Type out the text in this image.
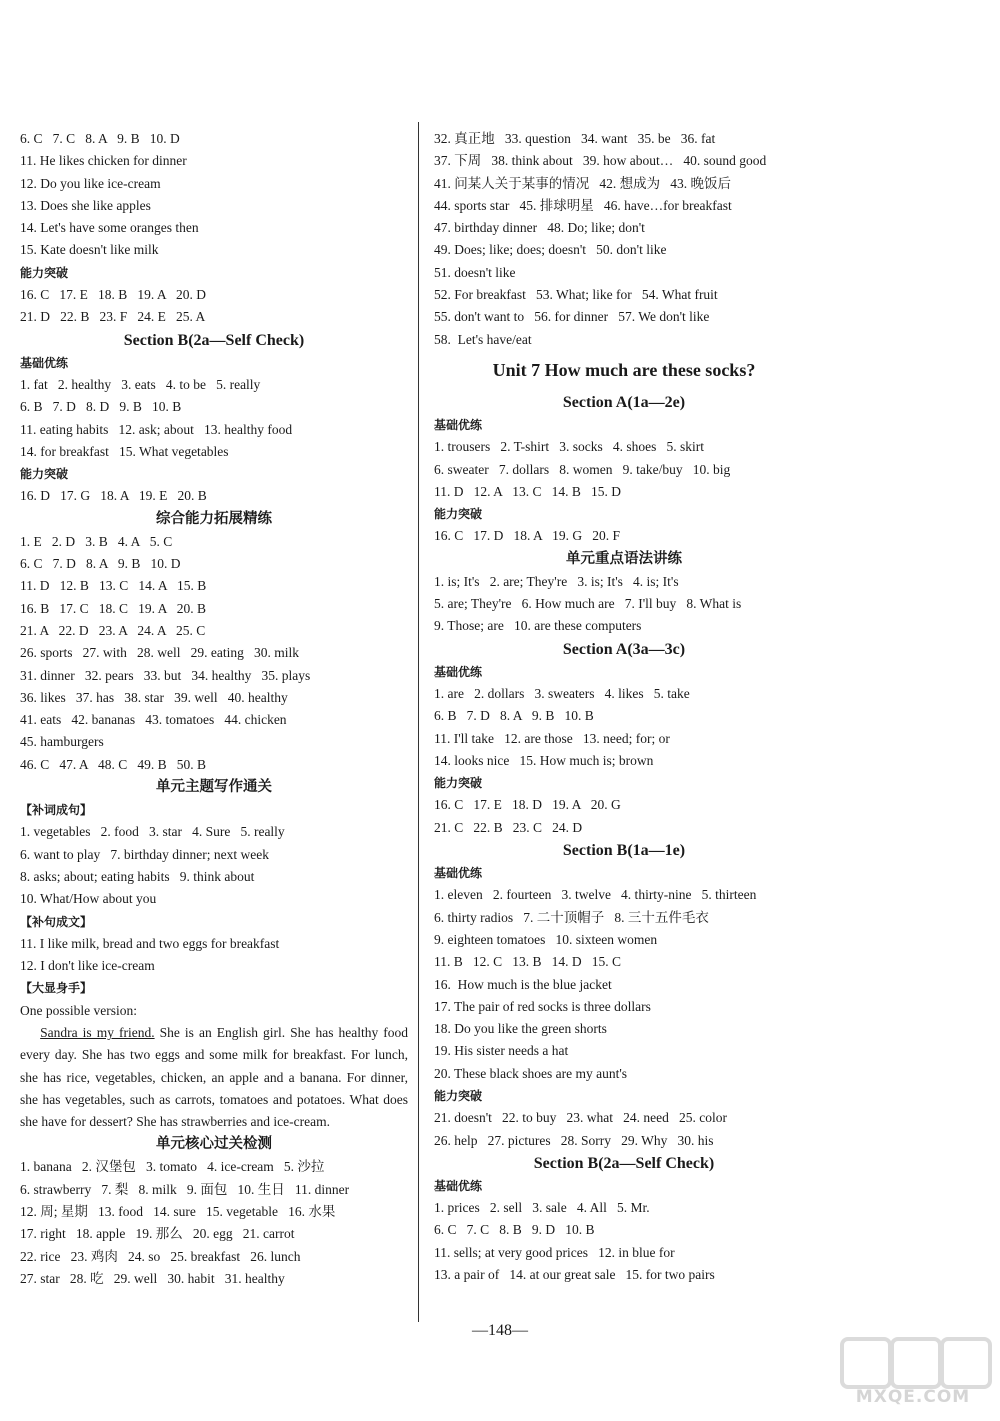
6. C   7. C   8. A   9. B   10. D
11. He likes chicken for dinner
12. Do you like ice-cream
13. Does she like apples
14. Let's have some oranges then
15. Kate doesn't like milk
能力突破
16. C   17. E   18. B   19. A   20. D
21. D   22. B   23. F   24. E   25. A
Section B(2a—Self Check)
基础优练
1. fat   2. healthy   3. eats   4. to be   5. really
6. B   7. D   8. D   9. B   10. B
11. eating habits   12. ask; about   13. healthy food
14. for breakfast   15. What vegetables
能力突破
16. D   17. G   18. A   19. E   20. B
综合能力拓展精练
1. E   2. D   3. B   4. A   5. C
6. C   7. D   8. A   9. B   10. D
11. D   12. B   13. C   14. A   15. B
16. B   17. C   18. C   19. A   20. B
21. A   22. D   23. A   24. A   25. C
26. sports   27. with   28. well   29. eating   30. milk
31. dinner   32. pears   33. but   34. healthy   35. plays
36. likes   37. has   38. star   39. well   40. healthy
41. eats   42. bananas   43. tomatoes   44. chicken
45. hamburgers
46. C   47. A   48. C   49. B   50. B
单元主题写作通关
【补词成句】
1. vegetables   2. food   3. star   4. Sure   5. really
6. want to play   7. birthday dinner; next week
8. asks; about; eating habits   9. think about
10. What/How about you
【补句成文】
11. I like milk, bread and two eggs for breakfast
12. I don't like ice-cream
【大显身手】
One possible version:
Sandra is my friend. She is an English girl. She has healthy food every day. She has two eggs and some milk for breakfast. For lunch, she has rice, vegetables, chicken, an apple and a banana. For dinner, she has vegetables, such as carrots, tomatoes and potatoes. What does she have for dessert? She has strawberries and ice-cream.
单元核心过关检测
1. banana   2. 汉堡包   3. tomato   4. ice-cream   5. 沙拉
6. strawberry   7. 梨   8. milk   9. 面包   10. 生日   11. dinner
12. 周; 星期   13. food   14. sure   15. vegetable   16. 水果
17. right   18. apple   19. 那么   20. egg   21. carrot
22. rice   23. 鸡肉   24. so   25. breakfast   26. lunch
27. star   28. 吃   29. well   30. habit   31. healthy
32. 真正地   33. question   34. want   35. be   36. fat
37. 下周   38. think about   39. how about…   40. sound good
41. 问某人关于某事的情况   42. 想成为   43. 晚饭后
44. sports star   45. 排球明星   46. have…for breakfast
47. birthday dinner   48. Do; like; don't
49. Does; like; does; doesn't   50. don't like
51. doesn't like
52. For breakfast   53. What; like for   54. What fruit
55. don't want to   56. for dinner   57. We don't like
58.  Let's have/eat
Unit 7 How much are these socks?
Section A(1a—2e)
基础优练
1. trousers   2. T-shirt   3. socks   4. shoes   5. skirt
6. sweater   7. dollars   8. women   9. take/buy   10. big
11. D   12. A   13. C   14. B   15. D
能力突破
16. C   17. D   18. A   19. G   20. F
单元重点语法讲练
1. is; It's   2. are; They're   3. is; It's   4. is; It's
5. are; They're   6. How much are   7. I'll buy   8. What is
9. Those; are   10. are these computers
Section A(3a—3c)
基础优练
1. are   2. dollars   3. sweaters   4. likes   5. take
6. B   7. D   8. A   9. B   10. B
11. I'll take   12. are those   13. need; for; or
14. looks nice   15. How much is; brown
能力突破
16. C   17. E   18. D   19. A   20. G
21. C   22. B   23. C   24. D
Section B(1a—1e)
基础优练
1. eleven   2. fourteen   3. twelve   4. thirty-nine   5. thirteen
6. thirty radios   7. 二十顶帽子   8. 三十五件毛衣
9. eighteen tomatoes   10. sixteen women
11. B   12. C   13. B   14. D   15. C
16.  How much is the blue jacket
17. The pair of red socks is three dollars
18. Do you like the green shorts
19. His sister needs a hat
20. These black shoes are my aunt's
能力突破
21. doesn't   22. to buy   23. what   24. need   25. color
26. help   27. pictures   28. Sorry   29. Why   30. his
Section B(2a—Self Check)
基础优练
1. prices   2. sell   3. sale   4. All   5. Mr.
6. C   7. C   8. B   9. D   10. B
11. sells; at very good prices   12. in blue for
13. a pair of   14. at our great sale   15. for two pairs
—148—
MXQE.COM
